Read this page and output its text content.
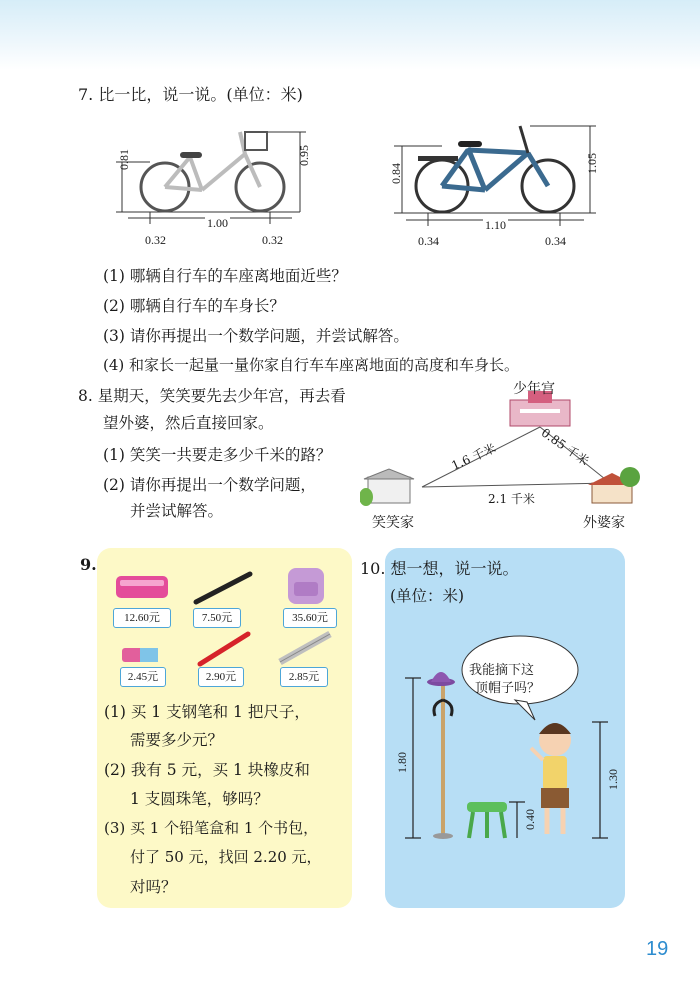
7. 比一比，说一说。(单位：米)
0.81	0.95
1.00
0.32	0.32
0.84	1.05
1.10
0.34	0.34
(1) 哪辆自行车的车座离地面近些？
(2) 哪辆自行车的车身长？
(3) 请你再提出一个数学问题，并尝试解答。
(4) 和家长一起量一量你家自行车车座离地面的高度和车身长。
8. 星期天，笑笑要先去少年宫，再去看
望外婆，然后直接回家。
(1) 笑笑一共要走多少千米的路？
(2) 请你再提出一个数学问题，
并尝试解答。
少年宫
笑笑家	外婆家
1.6 千米	0.85 千米
2.1 千米
9.
12.60元	7.50元	35.60元
2.45元	2.90元	2.85元
(1) 买 1 支钢笔和 1 把尺子，
需要多少元？
(2) 我有 5 元，买 1 块橡皮和
1 支圆珠笔，够吗？
(3) 买 1 个铅笔盒和 1 个书包，
付了 50 元，找回 2.20 元，
对吗？
10. 想一想，说一说。
(单位：米)
我能摘下这
顶帽子吗？
1.80
0.40
1.30
19
